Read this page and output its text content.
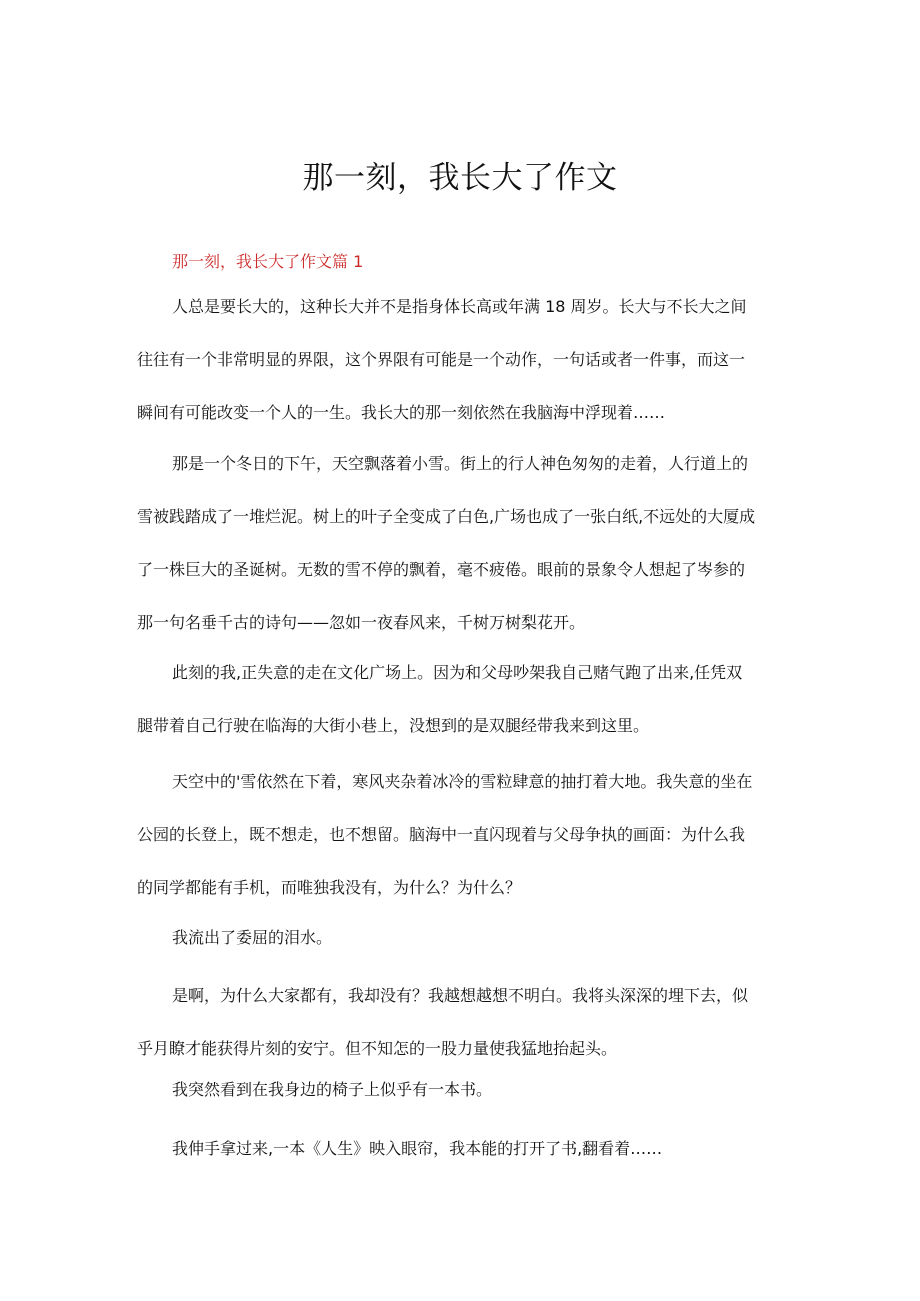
那一刻，我长大了作文
那一刻，我长大了作文篇 1

人总是要长大的，这种长大并不是指身体长高或年满 18 周岁。长大与不长大之间
往往有一个非常明显的界限，这个界限有可能是一个动作，一句话或者一件事，而这一
瞬间有可能改变一个人的一生。我长大的那一刻依然在我脑海中浮现着……

那是一个冬日的下午，天空飘落着小雪。街上的行人神色匆匆的走着，人行道上的
雪被践踏成了一堆烂泥。树上的叶子全变成了白色,广场也成了一张白纸,不远处的大厦成
了一株巨大的圣诞树。无数的雪不停的飘着，毫不疲倦。眼前的景象令人想起了岑参的
那一句名垂千古的诗句——忽如一夜春风来，千树万树梨花开。

此刻的我,正失意的走在文化广场上。因为和父母吵架我自己赌气跑了出来,任凭双
腿带着自己行驶在临海的大街小巷上，没想到的是双腿经带我来到这里。

天空中的'雪依然在下着，寒风夹杂着冰冷的雪粒肆意的抽打着大地。我失意的坐在
公园的长登上，既不想走，也不想留。脑海中一直闪现着与父母争执的画面：为什么我
的同学都能有手机，而唯独我没有，为什么？为什么？

我流出了委屈的泪水。

是啊，为什么大家都有，我却没有？我越想越想不明白。我将头深深的埋下去，似
乎月瞭才能获得片刻的安宁。但不知怎的一股力量使我猛地抬起头。

我突然看到在我身边的椅子上似乎有一本书。

我伸手拿过来,一本《人生》映入眼帘，我本能的打开了书,翻看着……
